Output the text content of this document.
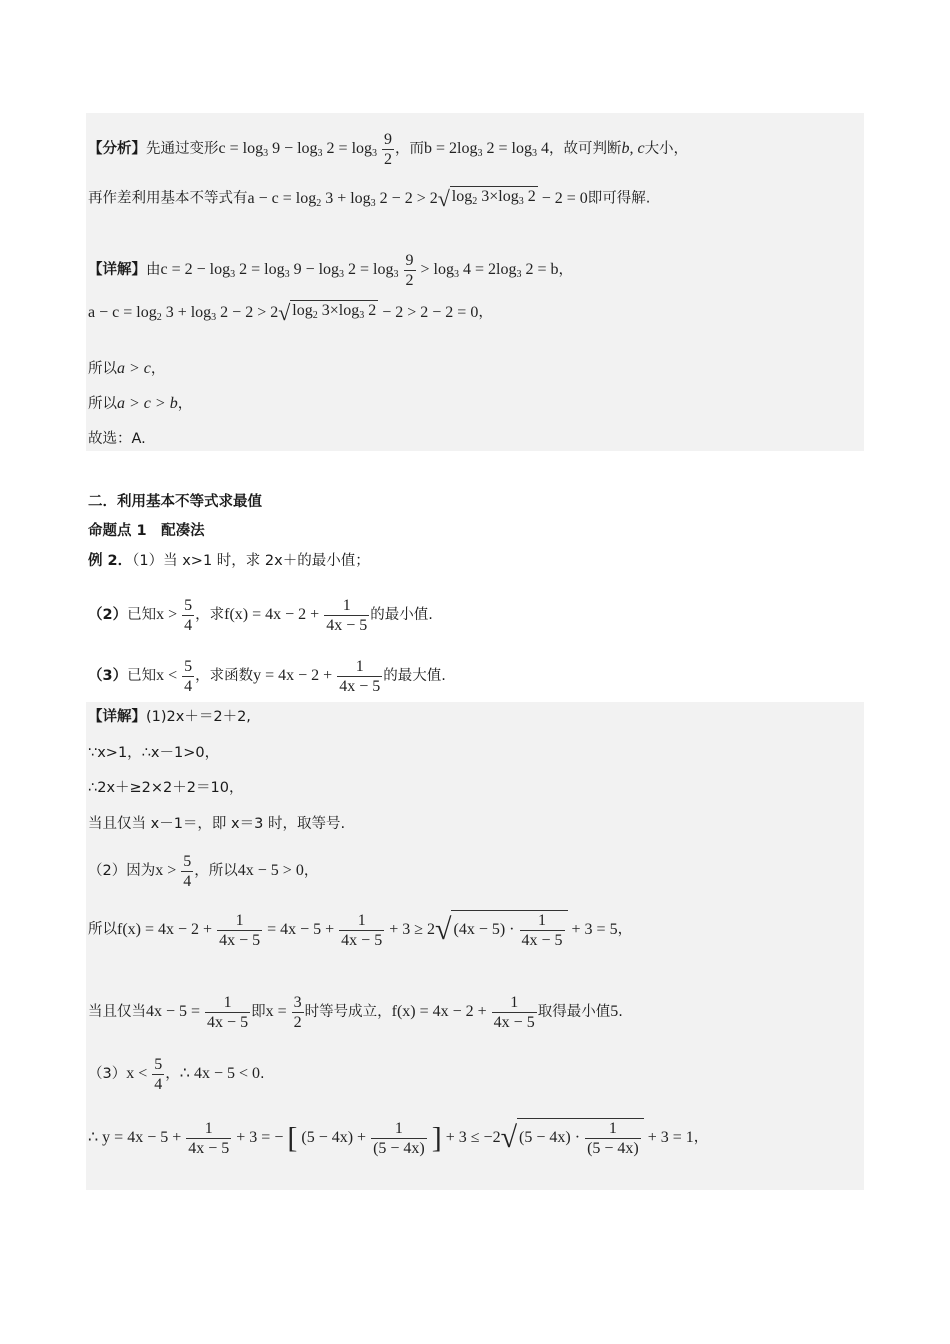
【分析】先通过变形$c = \log_3 9 - \log_3 2 = \log_3 \frac{9}{2}$ ，而$b = 2\log_3$ $2 = \log_3 4$，故可判断b, c大小，
再作差利用基本不等式有$a - c = \log_2 3 + \log_3 2 - 2 > 2√$ $\log_2 3\times\log_3$ 2 − 2 = 0即可得解.
【详解】由$c = 2 - \log_3 2 = \log_3 9 - \log_3 2 = \log_3 \frac{9}{2} > \log_3 4 = 2\log_3$ 2 = b，
$a - c = \log_2 3 + \log_3 2 - 2 > 2√$ $\log_2 3\times\log_3$ 2 − 2 > 2 − 2 = 0，
所以a > c，
所以a > c > b，
故选：A.
二．利用基本不等式求最值
命题点 1　配凑法
例 2．（1）当 x>1 时，求 2x＋的最小值；
（2）已知$x > \frac{5}{4}$ ，求$f(x) = 4x - 2 + \frac{1}{4x - 5}$ 的最小值.
（3）已知$x < \frac{5}{4}$ ，求函数$y = 4x - 2 + \frac{1}{4x - 5}$ 的最大值.
【详解】(1)2x＋＝2＋2,
∵x>1，∴x－1>0，
∴2x＋≥2×2＋2＝10，
当且仅当 x－1＝，即 x＝3 时，取等号.
（2）因为$x > \frac{5}{4}$ ，所以4x − 5 > 0，
所以$f(x) = 4x - 2 + \frac{1}{4x - 5} = 4x - 5 + \frac{1}{4x - 5} + 3 \ge 2√$ $(4x - 5) \cdot \frac{1}{4x - 5} + 3 = 5$，
当且仅当$4x - 5 = \frac{1}{4x - 5}$ 即$x = \frac{3}{2}$ 时等号成立，$f(x) = 4x - 2 + \frac{1}{4x - 5}$ 取得最小值5.
$(3)x < \frac{5}{4}$ ，∴ 4x − 5 < 0.
∴ $y = 4x - 5 + \frac{1}{4x - 5} + 3$ = − [ $(5 - 4x) + \frac{1}{(5 - 4x)}$ ] + 3 ≤ −2√ $(5 - 4x) \cdot \frac{1}{(5 - 4x)} + 3 = 1$，
